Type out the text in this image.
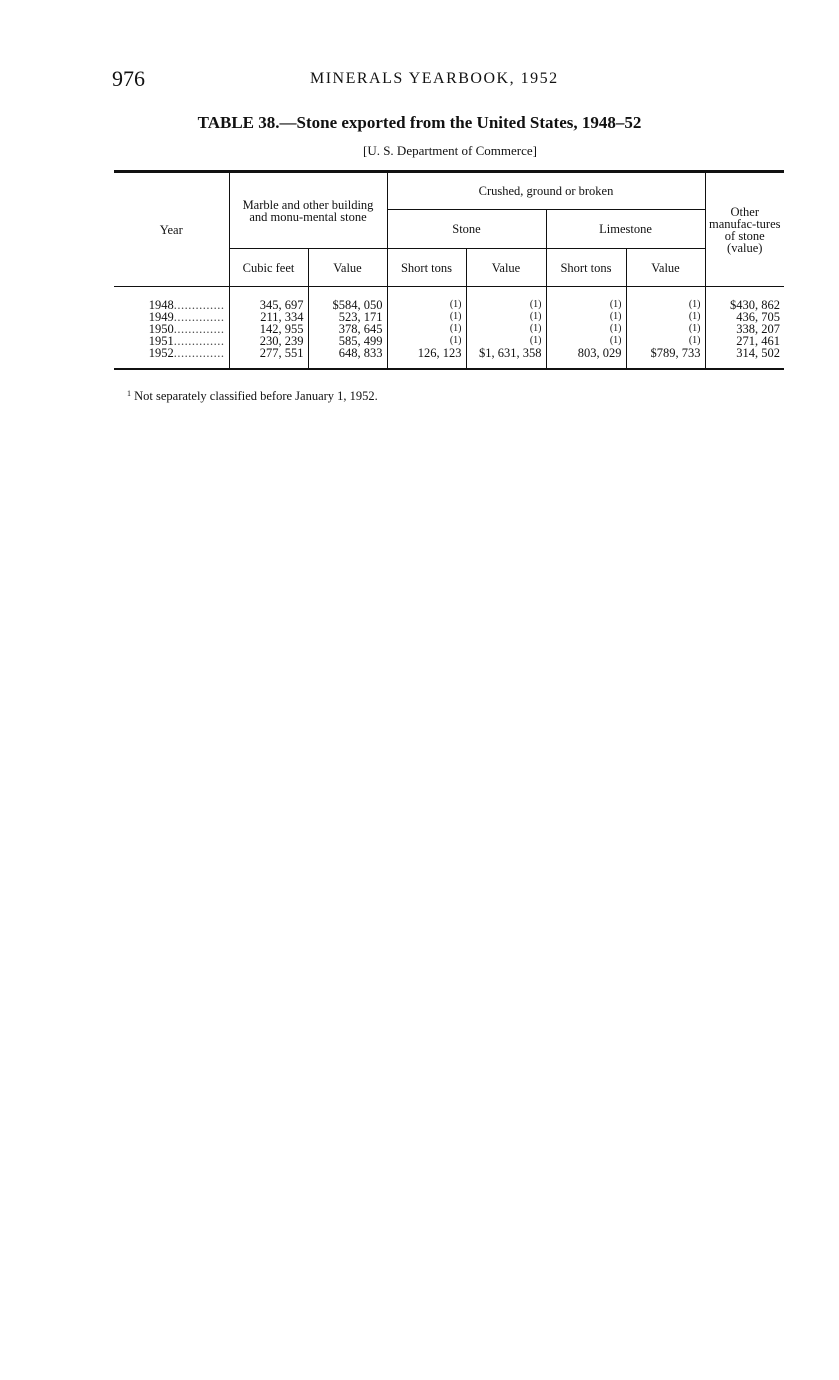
976	MINERALS YEARBOOK, 1952
TABLE 38.—Stone exported from the United States, 1948–52
[U. S. Department of Commerce]
Year	Marble and other building and monu-mental stone		Crushed, ground or broken				Other manufac-tures of stone (value)
			Stone		Limestone		
	Cubic feet	Value	Short tons	Value	Short tons	Value	
1948..............	345, 697	$584, 050	(1)	(1)	(1)	(1)	$430, 862
1949..............	211, 334	523, 171	(1)	(1)	(1)	(1)	436, 705
1950..............	142, 955	378, 645	(1)	(1)	(1)	(1)	338, 207
1951..............	230, 239	585, 499	(1)	(1)	(1)	(1)	271, 461
1952..............	277, 551	648, 833	126, 123	$1, 631, 358	803, 029	$789, 733	314, 502
$^1$ Not separately classified before January 1, 1952.
